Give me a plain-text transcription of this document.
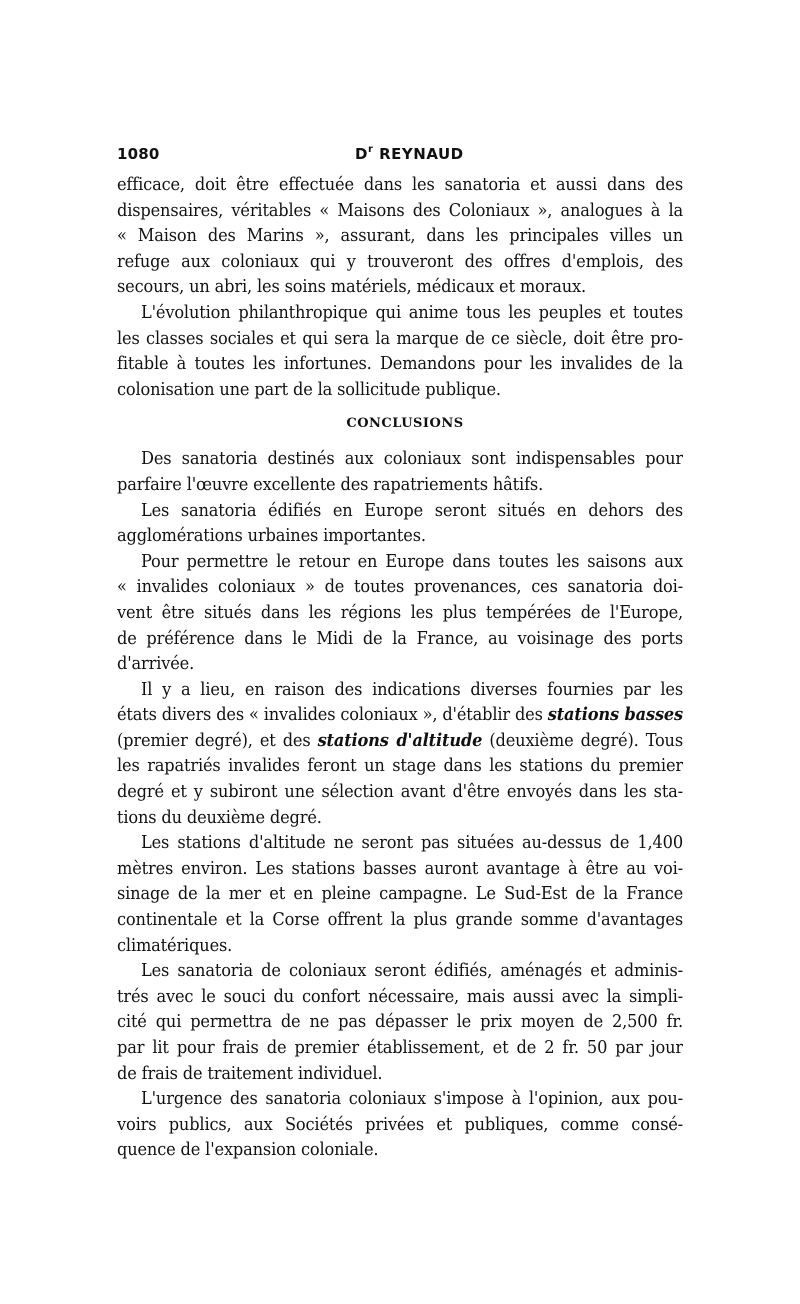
1080	$D^r$ REYNAUD
efficace, doit être effectuée dans les sanatoria et aussi dans des
dispensaires, véritables « Maisons des Coloniaux », analogues à la
« Maison des Marins », assurant, dans les principales villes un
refuge aux coloniaux qui y trouveront des offres d'emplois, des
secours, un abri, les soins matériels, médicaux et moraux.
L'évolution philanthropique qui anime tous les peuples et toutes
les classes sociales et qui sera la marque de ce siècle, doit être pro-
fitable à toutes les infortunes. Demandons pour les invalides de la
colonisation une part de la sollicitude publique.
CONCLUSIONS
Des sanatoria destinés aux coloniaux sont indispensables pour
parfaire l'œuvre excellente des rapatriements hâtifs.
Les sanatoria édifiés en Europe seront situés en dehors des
agglomérations urbaines importantes.
Pour permettre le retour en Europe dans toutes les saisons aux
« invalides coloniaux » de toutes provenances, ces sanatoria doi-
vent être situés dans les régions les plus tempérées de l'Europe,
de préférence dans le Midi de la France, au voisinage des ports
d'arrivée.
Il y a lieu, en raison des indications diverses fournies par les
états divers des « invalides coloniaux », d'établir des stations basses
(premier degré), et des stations d'altitude (deuxième degré). Tous
les rapatriés invalides feront un stage dans les stations du premier
degré et y subiront une sélection avant d'être envoyés dans les sta-
tions du deuxième degré.
Les stations d'altitude ne seront pas situées au-dessus de 1,400
mètres environ. Les stations basses auront avantage à être au voi-
sinage de la mer et en pleine campagne. Le Sud-Est de la France
continentale et la Corse offrent la plus grande somme d'avantages
climatériques.
Les sanatoria de coloniaux seront édifiés, aménagés et adminis-
trés avec le souci du confort nécessaire, mais aussi avec la simpli-
cité qui permettra de ne pas dépasser le prix moyen de 2,500 fr.
par lit pour frais de premier établissement, et de 2 fr. 50 par jour
de frais de traitement individuel.
L'urgence des sanatoria coloniaux s'impose à l'opinion, aux pou-
voirs publics, aux Sociétés privées et publiques, comme consé-
quence de l'expansion coloniale.
